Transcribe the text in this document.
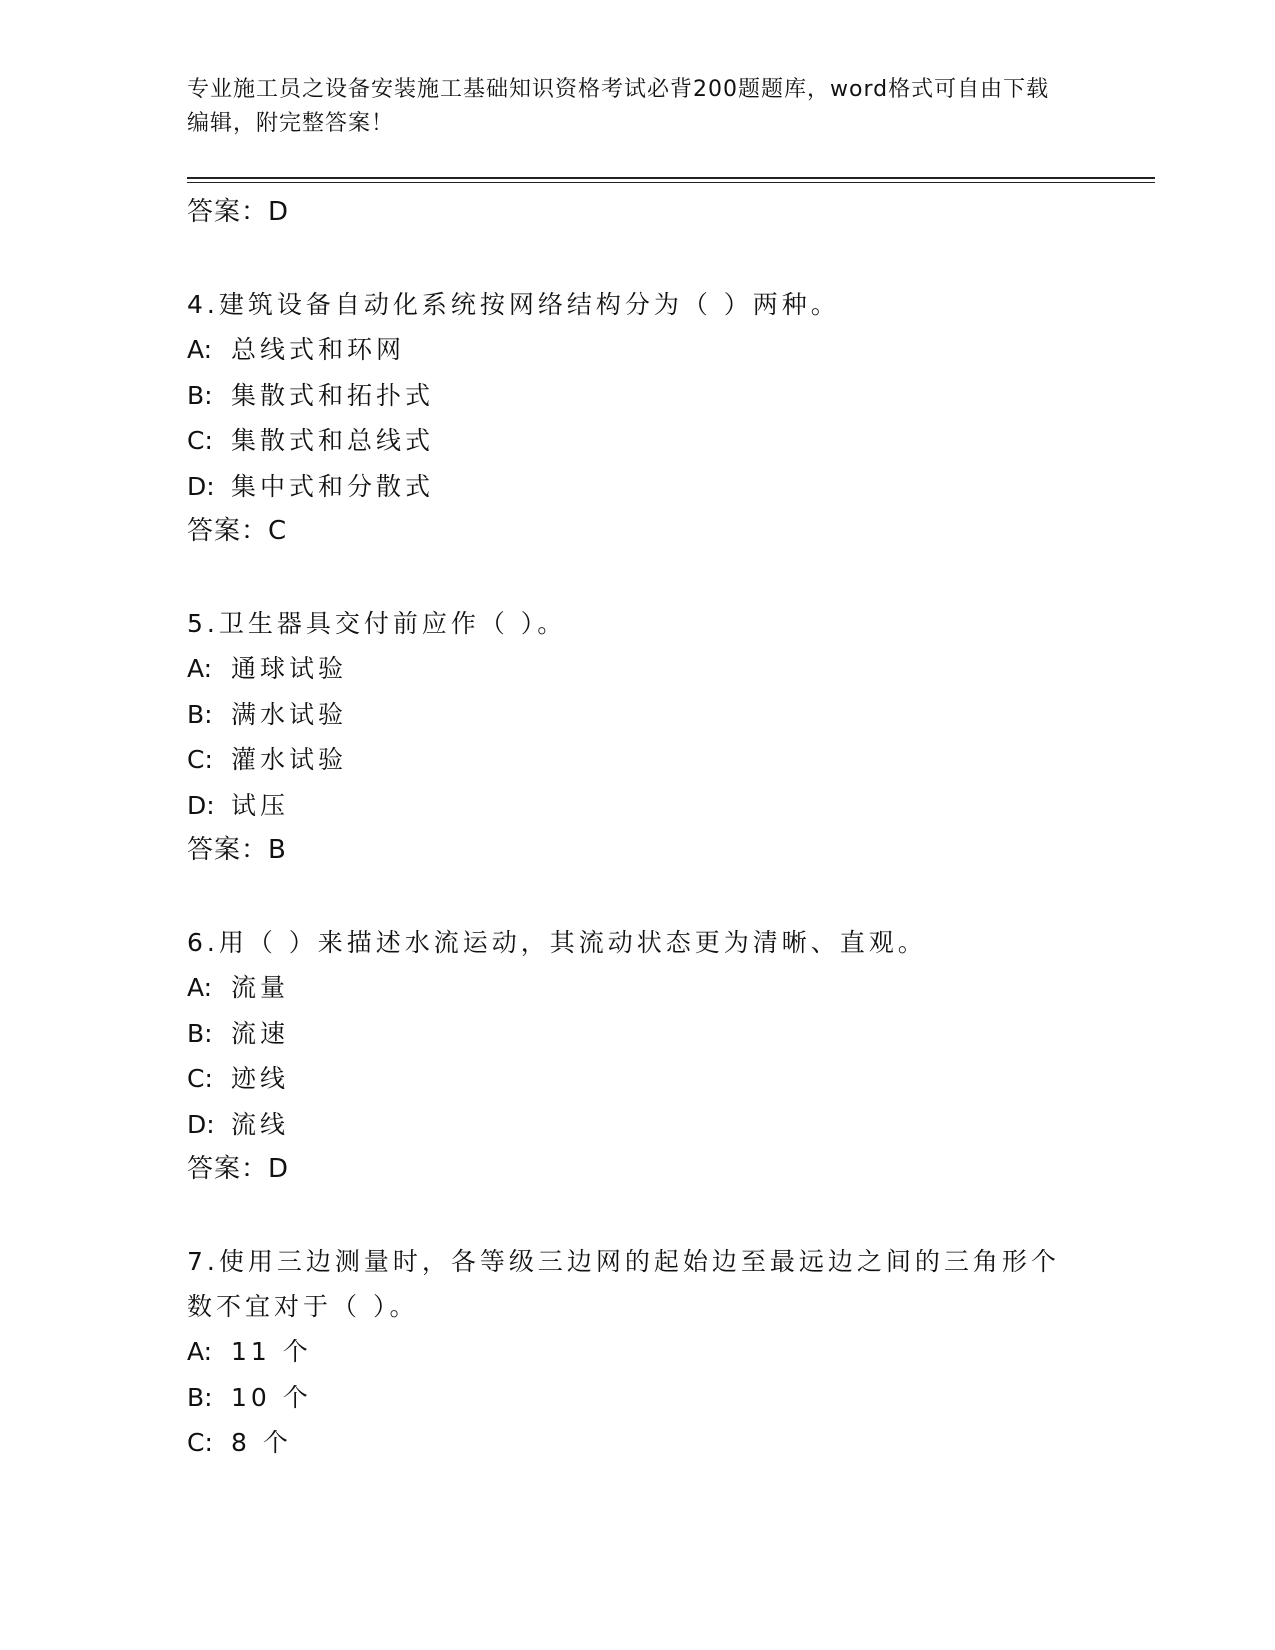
专业施工员之设备安装施工基础知识资格考试必背200题题库，word格式可自由下载编辑，附完整答案！
答案：D
4.建筑设备自动化系统按网络结构分为（ ）两种。
A: 总线式和环网
B: 集散式和拓扑式
C: 集散式和总线式
D: 集中式和分散式
答案：C
5.卫生器具交付前应作（ ）。
A: 通球试验
B: 满水试验
C: 灌水试验
D: 试压
答案：B
6.用（ ）来描述水流运动，其流动状态更为清晰、直观。
A: 流量
B: 流速
C: 迹线
D: 流线
答案：D
7.使用三边测量时，各等级三边网的起始边至最远边之间的三角形个数不宜对于（ ）。
A: 11 个
B: 10 个
C: 8 个
